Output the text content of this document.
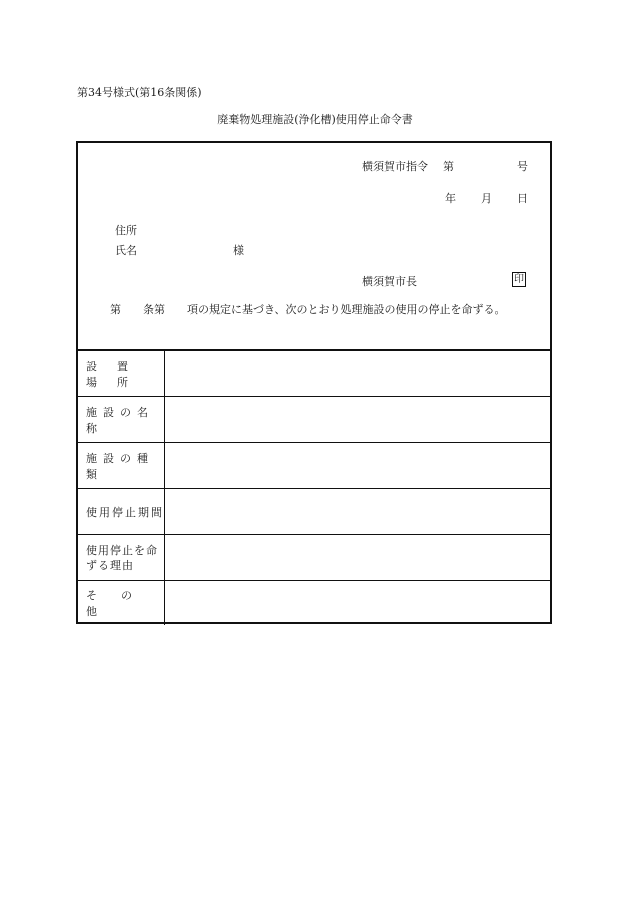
第34号様式(第16条関係)
廃棄物処理施設(浄化槽)使用停止命令書
横須賀市指令 第	号
年 月 日
住所
氏名	様
横須賀市長	印
　　第　　条第　　項の規定に基づき、次のとおり処理施設の使用の停止を命ずる。
設置場所
施設の名称
施設の種類
使用停止期間
使用停止を命ずる理由
その他
